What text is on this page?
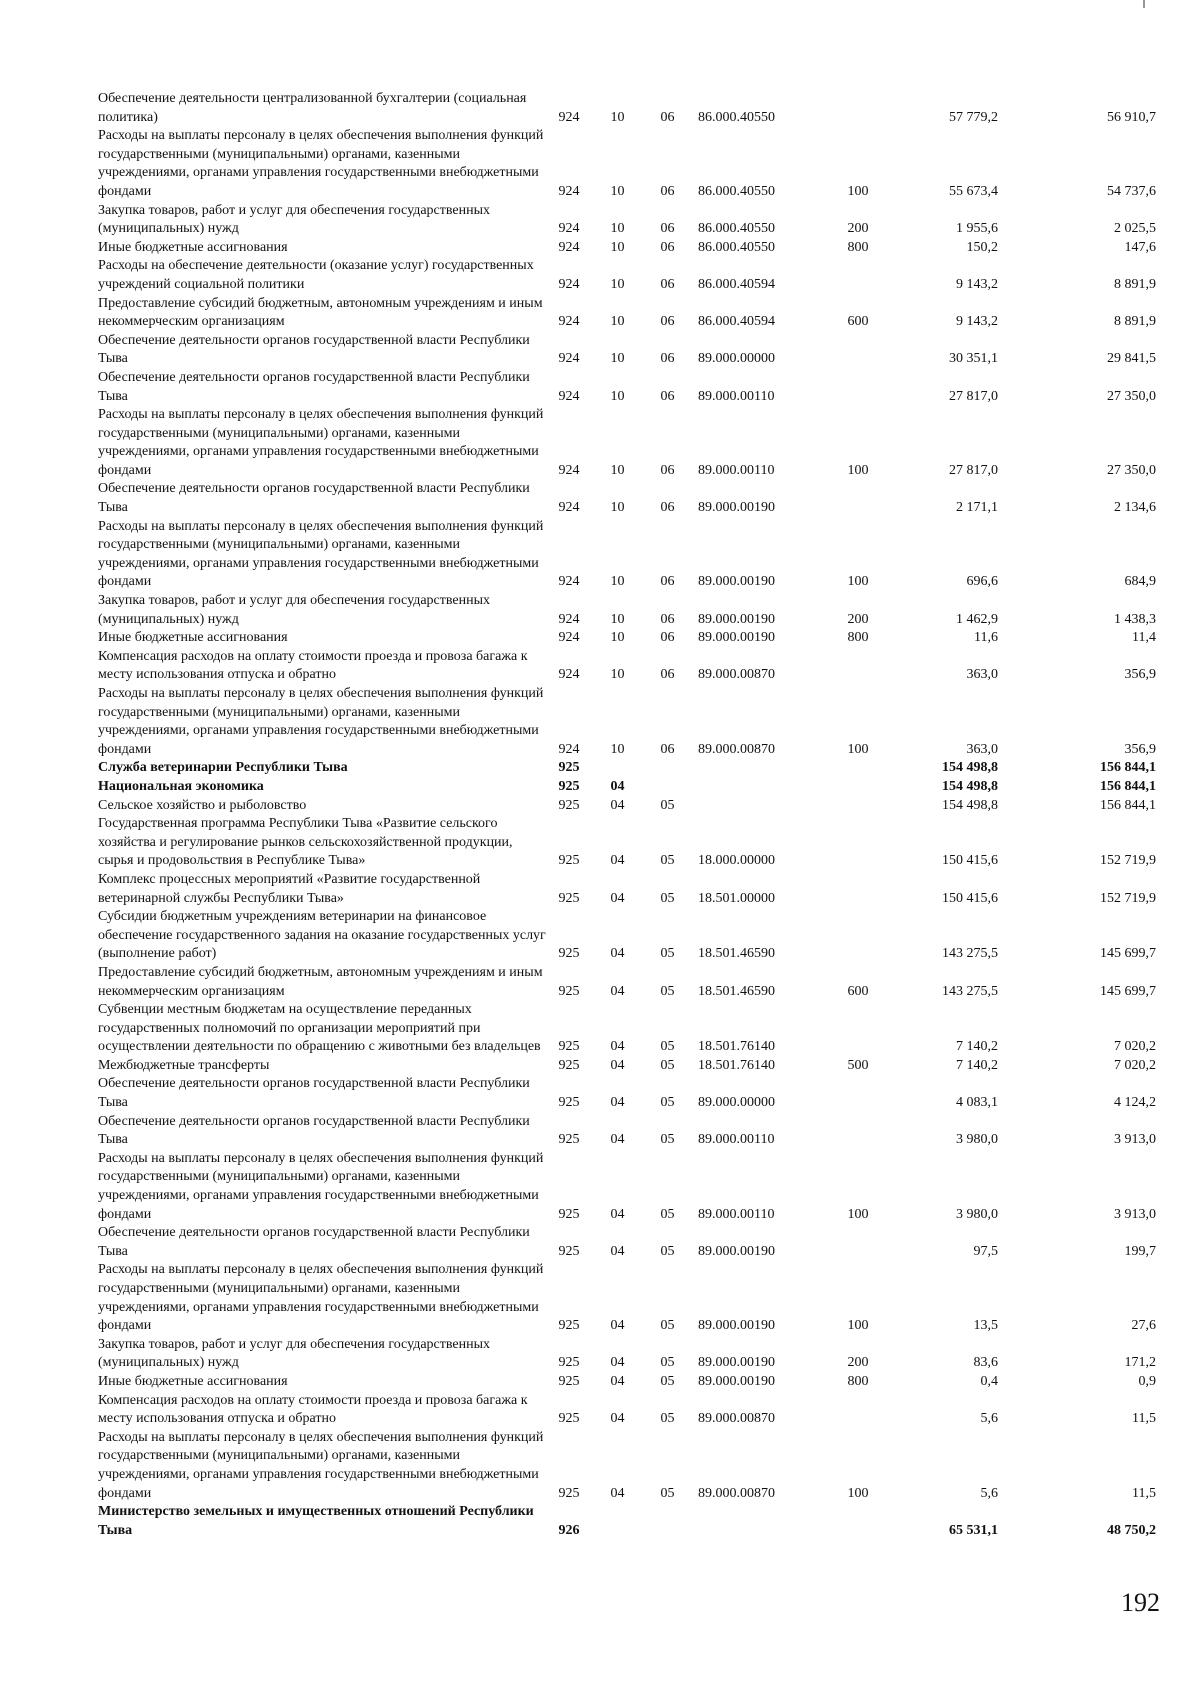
Обеспечение деятельности централизованной бухгалтерии (социальная политика)	924	10	06	86.000.40550		57 779,2	56 910,7
Расходы на выплаты персоналу в целях обеспечения выполнения функций государственными (муниципальными) органами, казенными учреждениями, органами управления государственными внебюджетными фондами	924	10	06	86.000.40550	100	55 673,4	54 737,6
Закупка товаров, работ и услуг для обеспечения государственных (муниципальных) нужд	924	10	06	86.000.40550	200	1 955,6	2 025,5
Иные бюджетные ассигнования	924	10	06	86.000.40550	800	150,2	147,6
Расходы на обеспечение деятельности (оказание услуг) государственных учреждений социальной политики	924	10	06	86.000.40594		9 143,2	8 891,9
Предоставление субсидий бюджетным, автономным учреждениям и иным некоммерческим организациям	924	10	06	86.000.40594	600	9 143,2	8 891,9
Обеспечение деятельности органов государственной власти Республики Тыва	924	10	06	89.000.00000		30 351,1	29 841,5
Обеспечение деятельности органов государственной власти Республики Тыва	924	10	06	89.000.00110		27 817,0	27 350,0
Расходы на выплаты персоналу в целях обеспечения выполнения функций государственными (муниципальными) органами, казенными учреждениями, органами управления государственными внебюджетными фондами	924	10	06	89.000.00110	100	27 817,0	27 350,0
Обеспечение деятельности органов государственной власти Республики Тыва	924	10	06	89.000.00190		2 171,1	2 134,6
Расходы на выплаты персоналу в целях обеспечения выполнения функций государственными (муниципальными) органами, казенными учреждениями, органами управления государственными внебюджетными фондами	924	10	06	89.000.00190	100	696,6	684,9
Закупка товаров, работ и услуг для обеспечения государственных (муниципальных) нужд	924	10	06	89.000.00190	200	1 462,9	1 438,3
Иные бюджетные ассигнования	924	10	06	89.000.00190	800	11,6	11,4
Компенсация расходов на оплату стоимости проезда и провоза багажа к месту использования отпуска и обратно	924	10	06	89.000.00870		363,0	356,9
Расходы на выплаты персоналу в целях обеспечения выполнения функций государственными (муниципальными) органами, казенными учреждениями, органами управления государственными внебюджетными фондами	924	10	06	89.000.00870	100	363,0	356,9
Служба ветеринарии Республики Тыва	925					154 498,8	156 844,1
Национальная экономика	925	04				154 498,8	156 844,1
Сельское хозяйство и рыболовство	925	04	05			154 498,8	156 844,1
Государственная программа Республики Тыва «Развитие сельского хозяйства и регулирование рынков сельскохозяйственной продукции, сырья и продовольствия в Республике Тыва»	925	04	05	18.000.00000		150 415,6	152 719,9
Комплекс процессных мероприятий «Развитие государственной ветеринарной службы Республики Тыва»	925	04	05	18.501.00000		150 415,6	152 719,9
Субсидии бюджетным учреждениям ветеринарии на финансовое обеспечение государственного задания на оказание государственных услуг (выполнение работ)	925	04	05	18.501.46590		143 275,5	145 699,7
Предоставление субсидий бюджетным, автономным учреждениям и иным некоммерческим организациям	925	04	05	18.501.46590	600	143 275,5	145 699,7
Субвенции местным бюджетам на осуществление переданных государственных полномочий по организации мероприятий при осуществлении деятельности по обращению с животными без владельцев	925	04	05	18.501.76140		7 140,2	7 020,2
Межбюджетные трансферты	925	04	05	18.501.76140	500	7 140,2	7 020,2
Обеспечение деятельности органов государственной власти Республики Тыва	925	04	05	89.000.00000		4 083,1	4 124,2
Обеспечение деятельности органов государственной власти Республики Тыва	925	04	05	89.000.00110		3 980,0	3 913,0
Расходы на выплаты персоналу в целях обеспечения выполнения функций государственными (муниципальными) органами, казенными учреждениями, органами управления государственными внебюджетными фондами	925	04	05	89.000.00110	100	3 980,0	3 913,0
Обеспечение деятельности органов государственной власти Республики Тыва	925	04	05	89.000.00190		97,5	199,7
Расходы на выплаты персоналу в целях обеспечения выполнения функций государственными (муниципальными) органами, казенными учреждениями, органами управления государственными внебюджетными фондами	925	04	05	89.000.00190	100	13,5	27,6
Закупка товаров, работ и услуг для обеспечения государственных (муниципальных) нужд	925	04	05	89.000.00190	200	83,6	171,2
Иные бюджетные ассигнования	925	04	05	89.000.00190	800	0,4	0,9
Компенсация расходов на оплату стоимости проезда и провоза багажа к месту использования отпуска и обратно	925	04	05	89.000.00870		5,6	11,5
Расходы на выплаты персоналу в целях обеспечения выполнения функций государственными (муниципальными) органами, казенными учреждениями, органами управления государственными внебюджетными фондами	925	04	05	89.000.00870	100	5,6	11,5
Министерство земельных и имущественных отношений Республики Тыва	926					65 531,1	48 750,2
192
